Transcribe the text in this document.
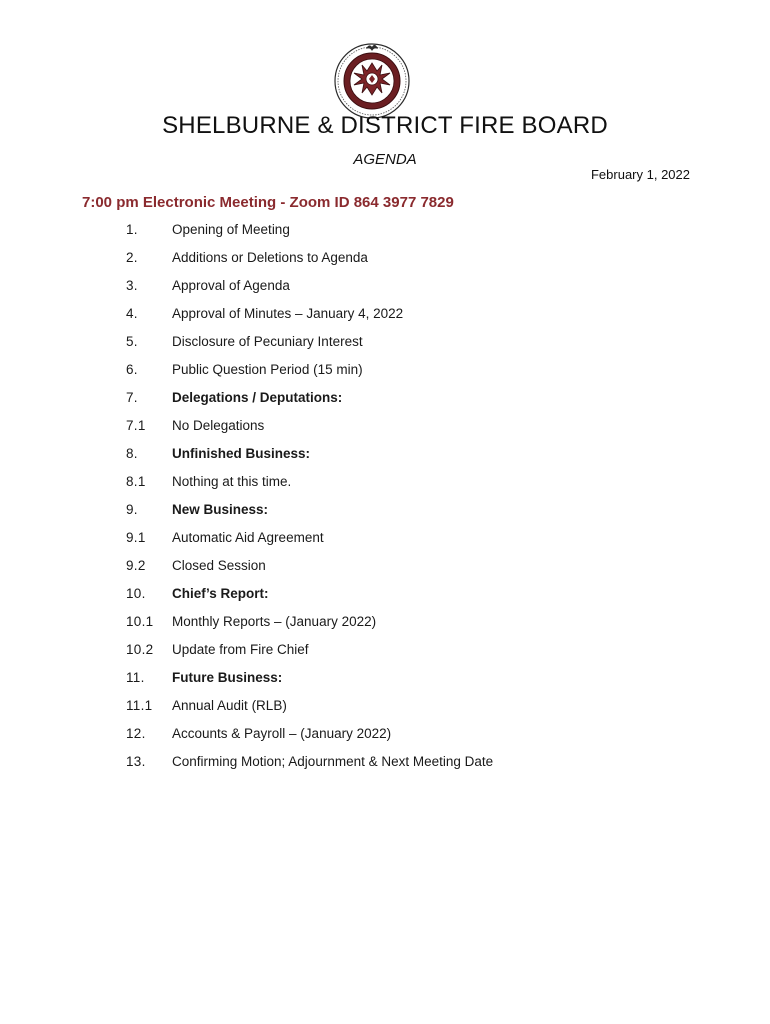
SHELBURNE & DISTRICT FIRE BOARD
AGENDA
February 1, 2022
7:00 pm Electronic Meeting - Zoom ID 864 3977 7829
1.	Opening of Meeting
2.	Additions or Deletions to Agenda
3.	Approval of Agenda
4.	Approval of Minutes – January 4, 2022
5.	Disclosure of Pecuniary Interest
6.	Public Question Period (15 min)
7.	Delegations / Deputations:
7.1	No Delegations
8.	Unfinished Business:
8.1	Nothing at this time.
9.	New Business:
9.1	Automatic Aid Agreement
9.2	Closed Session
10.	Chief’s Report:
10.1	Monthly Reports – (January 2022)
10.2	Update from Fire Chief
11.	Future Business:
11.1	Annual Audit (RLB)
12.	Accounts & Payroll – (January 2022)
13.	Confirming Motion; Adjournment & Next Meeting Date
